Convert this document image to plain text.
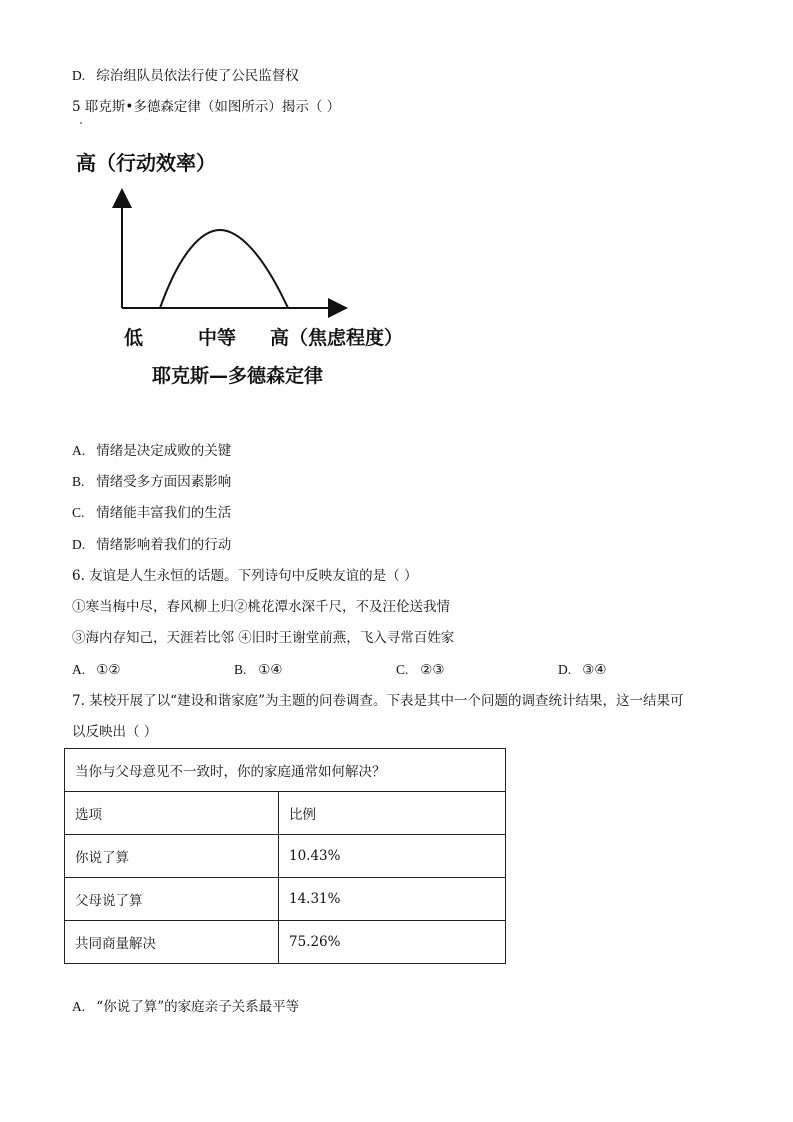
D. 综治组队员依法行使了公民监督权
5 耶克斯•多德森定律（如图所示）揭示（ ）
高（行动效率）
低	中等 高（焦虑程度）
耶克斯—多德森定律
A. 情绪是决定成败的关键
B. 情绪受多方面因素影响
C. 情绪能丰富我们的生活
D. 情绪影响着我们的行动
6. 友谊是人生永恒的话题。下列诗句中反映友谊的是（ ）
①寒当梅中尽，春风柳上归②桃花潭水深千尺，不及汪伦送我情
③海内存知己，天涯若比邻 ④旧时王谢堂前燕，飞入寻常百姓家
A. ①②	B. ①④	C. ②③	D. ③④
7. 某校开展了以“建设和谐家庭”为主题的问卷调查。下表是其中一个问题的调查统计结果，这一结果可
以反映出（ ）
当你与父母意见不一致时，你的家庭通常如何解决？	
选项	比例
你说了算	10.43%
父母说了算	14.31%
共同商量解决	75.26%
A. “你说了算”的家庭亲子关系最平等
